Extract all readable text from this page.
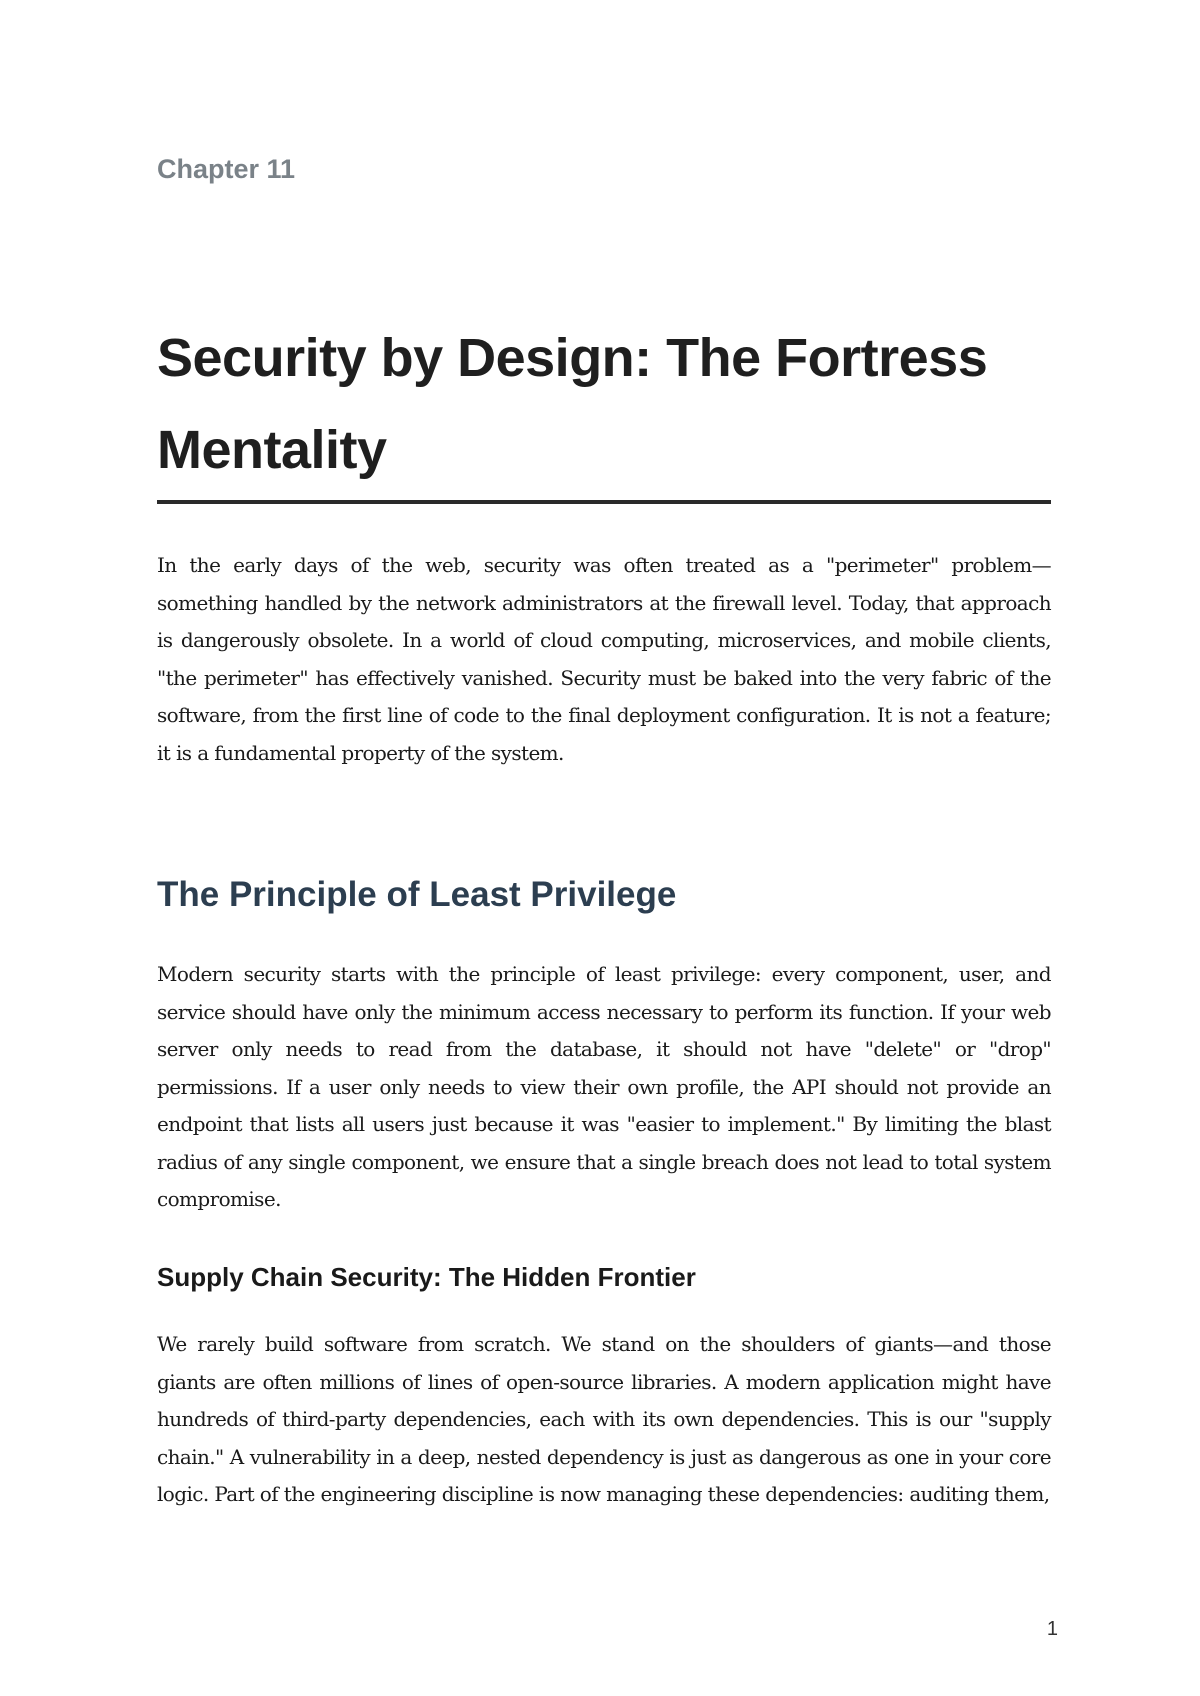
Chapter 11

Security by Design: The Fortress Mentality

In the early days of the web, security was often treated as a "perimeter" problem—something handled by the network administrators at the firewall level. Today, that approach is dangerously obsolete. In a world of cloud computing, microservices, and mobile clients, "the perimeter" has effectively vanished. Security must be baked into the very fabric of the software, from the first line of code to the final deployment configuration. It is not a feature; it is a fundamental property of the system.

The Principle of Least Privilege

Modern security starts with the principle of least privilege: every component, user, and service should have only the minimum access necessary to perform its function. If your web server only needs to read from the database, it should not have "delete" or "drop" permissions. If a user only needs to view their own profile, the API should not provide an endpoint that lists all users just because it was "easier to implement." By limiting the blast radius of any single component, we ensure that a single breach does not lead to total system compromise.

Supply Chain Security: The Hidden Frontier

We rarely build software from scratch. We stand on the shoulders of giants—and those giants are often millions of lines of open-source libraries. A modern application might have hundreds of third-party dependencies, each with its own dependencies. This is our "supply chain." A vulnerability in a deep, nested dependency is just as dangerous as one in your core logic. Part of the engineering discipline is now managing these dependencies: auditing them,

1
